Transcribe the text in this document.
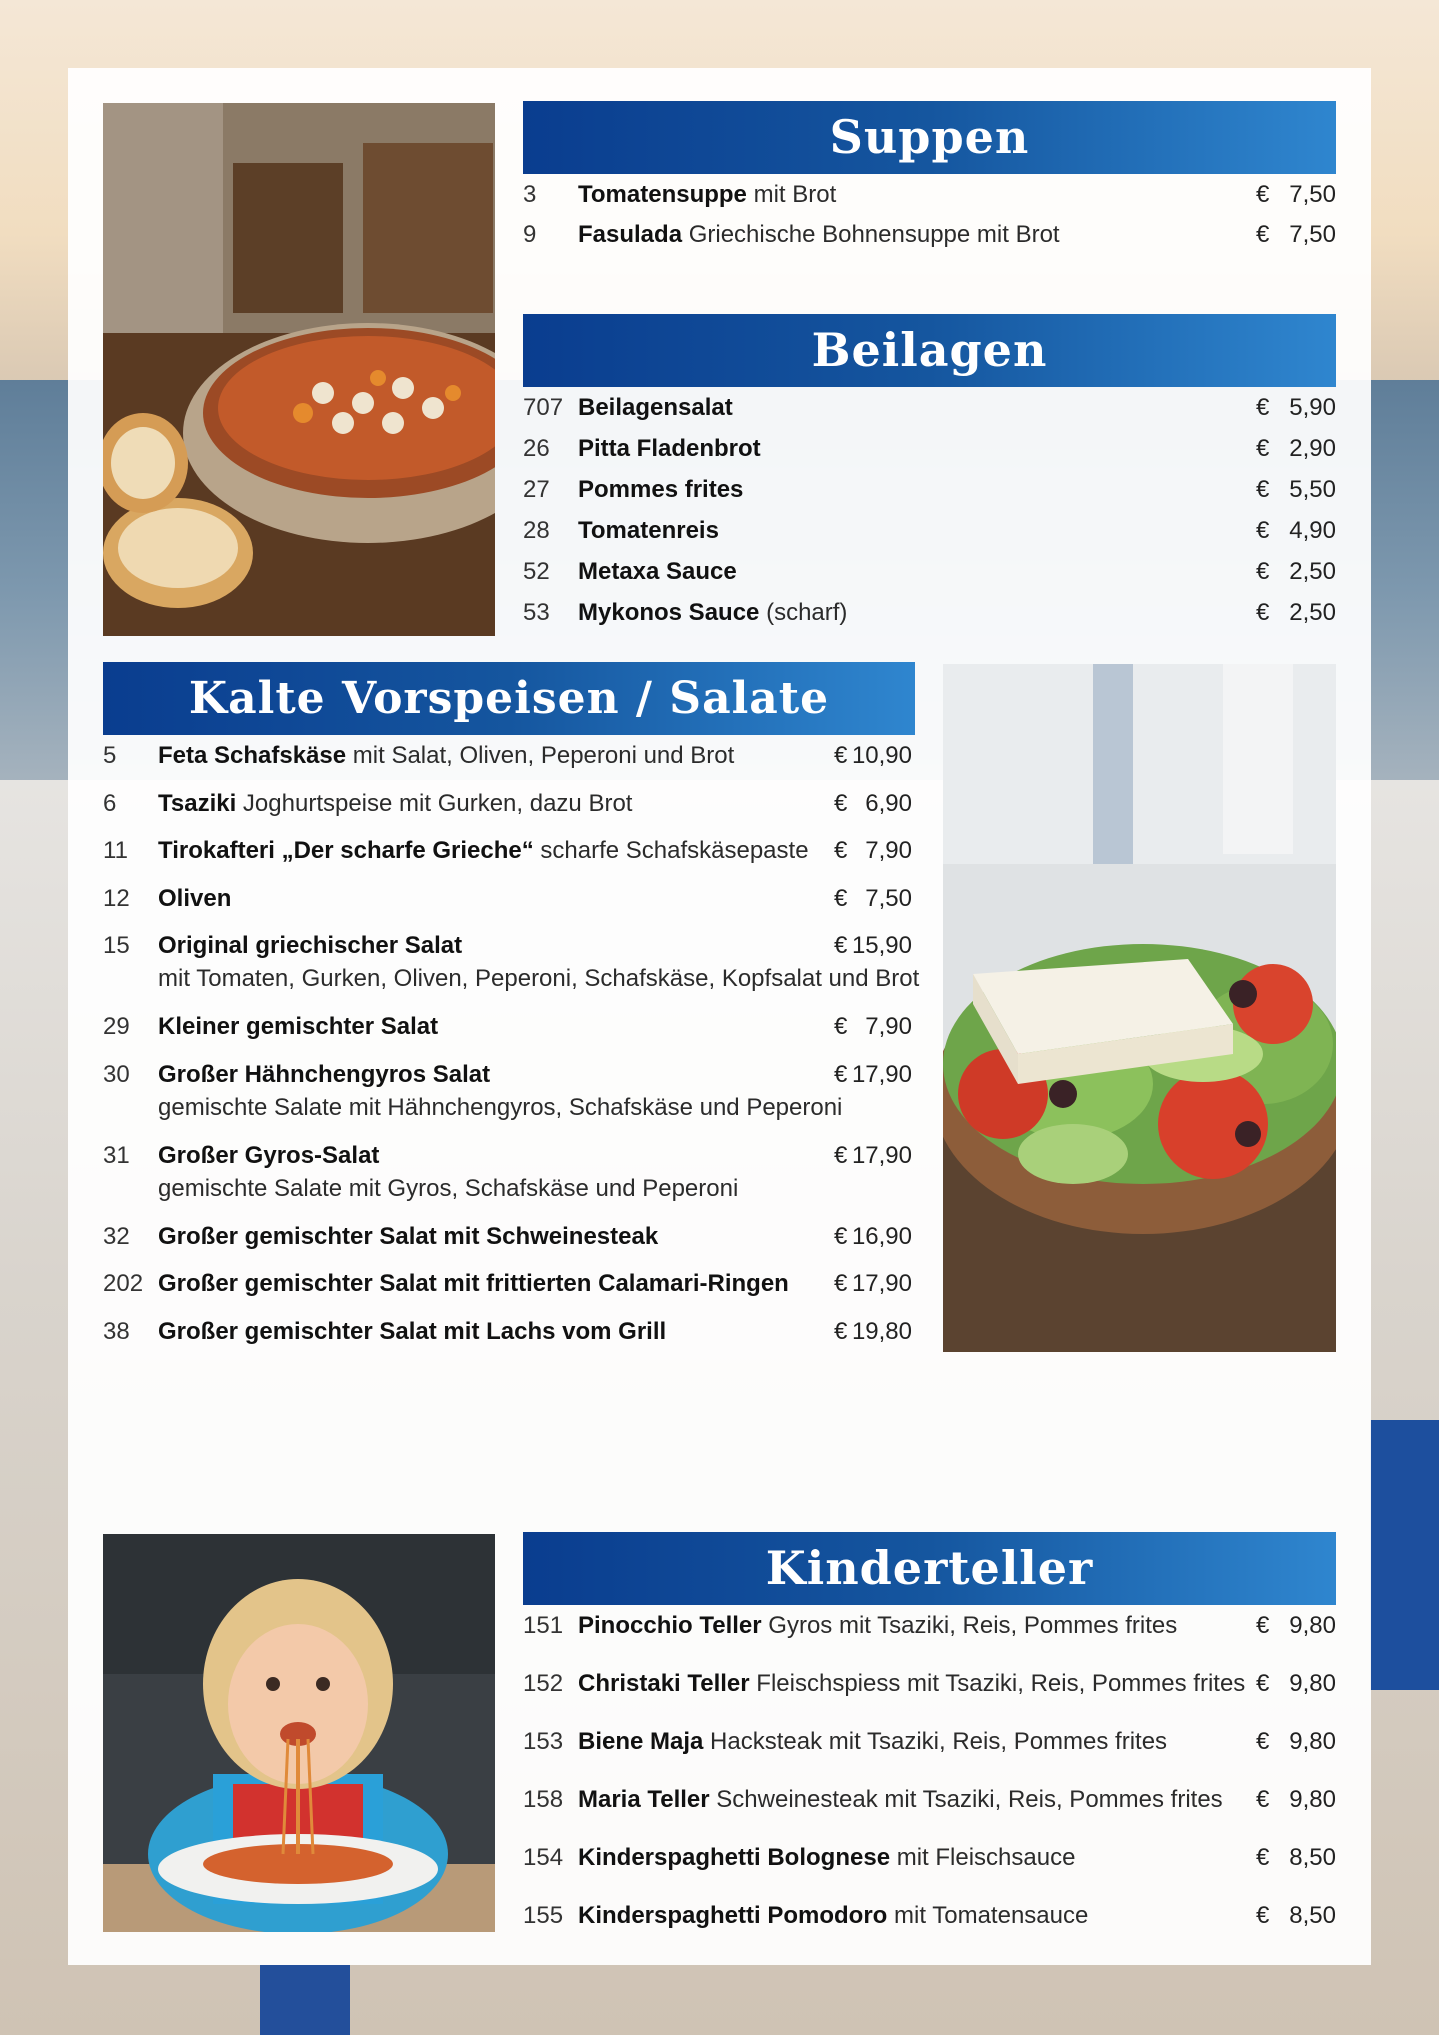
Suppen
3 Tomatensuppe mit Brot	€ 7,50
9 Fasulada Griechische Bohnensuppe mit Brot	€ 7,50
Beilagen
707 Beilagensalat	€ 5,90
26 Pitta Fladenbrot	€ 2,90
27 Pommes frites	€ 5,50
28 Tomatenreis	€ 4,90
52 Metaxa Sauce	€ 2,50
53 Mykonos Sauce (scharf)	€ 2,50
Kalte Vorspeisen / Salate
5 Feta Schafskäse mit Salat, Oliven, Peperoni und Brot	€ 10,90
6 Tsaziki Joghurtspeise mit Gurken, dazu Brot	€ 6,90
11 Tirokafteri „Der scharfe Grieche“ scharfe Schafskäsepaste € 7,90
12 Oliven	€ 7,50
15 Original griechischer Salat
mit Tomaten, Gurken, Oliven, Peperoni, Schafskäse, Kopfsalat und Brot
€ 15,90
29 Kleiner gemischter Salat	€ 7,90
30 Großer Hähnchengyros Salat
gemischte Salate mit Hähnchengyros, Schafskäse und Peperoni
€ 17,90
31 Großer Gyros-Salat
gemischte Salate mit Gyros, Schafskäse und Peperoni
€ 17,90
32 Großer gemischter Salat mit Schweinesteak	€ 16,90
202 Großer gemischter Salat mit frittierten Calamari-Ringen € 17,90
38 Großer gemischter Salat mit Lachs vom Grill	€ 19,80
Kinderteller
151 Pinocchio Teller Gyros mit Tsaziki, Reis, Pommes frites	€ 9,80
152 Christaki Teller Fleischspiess mit Tsaziki, Reis, Pommes frites € 9,80
153 Biene Maja Hacksteak mit Tsaziki, Reis, Pommes frites	€ 9,80
158 Maria Teller Schweinesteak mit Tsaziki, Reis, Pommes frites € 9,80
154 Kinderspaghetti Bolognese mit Fleischsauce	€ 8,50
155 Kinderspaghetti Pomodoro mit Tomatensauce	€ 8,50
